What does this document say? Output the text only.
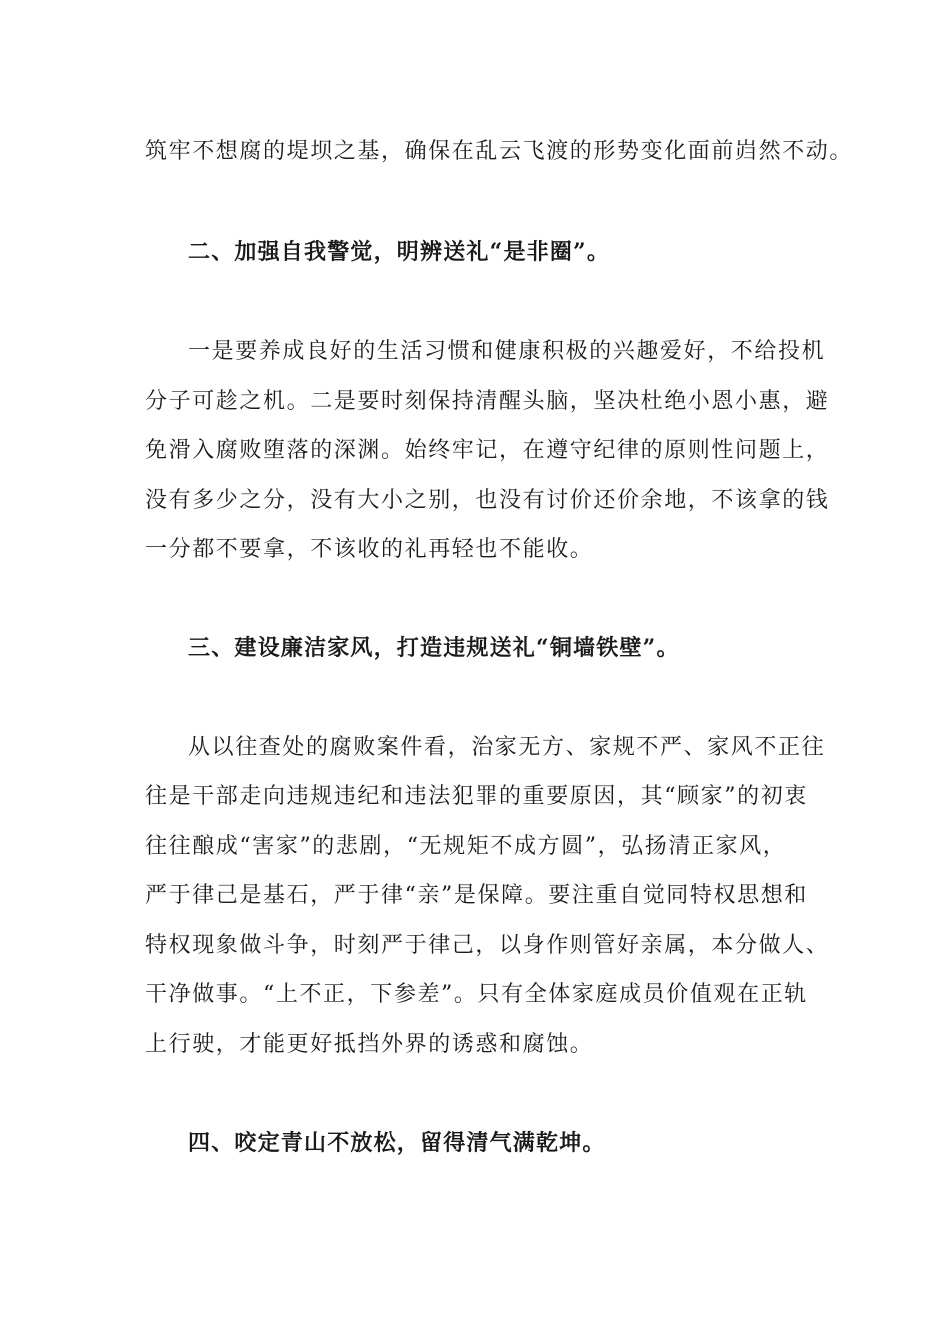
筑牢不想腐的堤坝之基，确保在乱云飞渡的形势变化面前岿然不动。
二、加强自我警觉，明辨送礼“是非圈”。
一是要养成良好的生活习惯和健康积极的兴趣爱好，不给投机
分子可趁之机。二是要时刻保持清醒头脑，坚决杜绝小恩小惠，避
免滑入腐败堕落的深渊。始终牢记，在遵守纪律的原则性问题上，
没有多少之分，没有大小之别，也没有讨价还价余地，不该拿的钱
一分都不要拿，不该收的礼再轻也不能收。
三、建设廉洁家风，打造违规送礼“铜墙铁壁”。
从以往查处的腐败案件看，治家无方、家规不严、家风不正往
往是干部走向违规违纪和违法犯罪的重要原因，其“顾家”的初衷
往往酿成“害家”的悲剧，“无规矩不成方圆”，弘扬清正家风，
严于律己是基石，严于律“亲”是保障。要注重自觉同特权思想和
特权现象做斗争，时刻严于律己，以身作则管好亲属，本分做人、
干净做事。“上不正，下参差”。只有全体家庭成员价值观在正轨
上行驶，才能更好抵挡外界的诱惑和腐蚀。
四、咬定青山不放松，留得清气满乾坤。
